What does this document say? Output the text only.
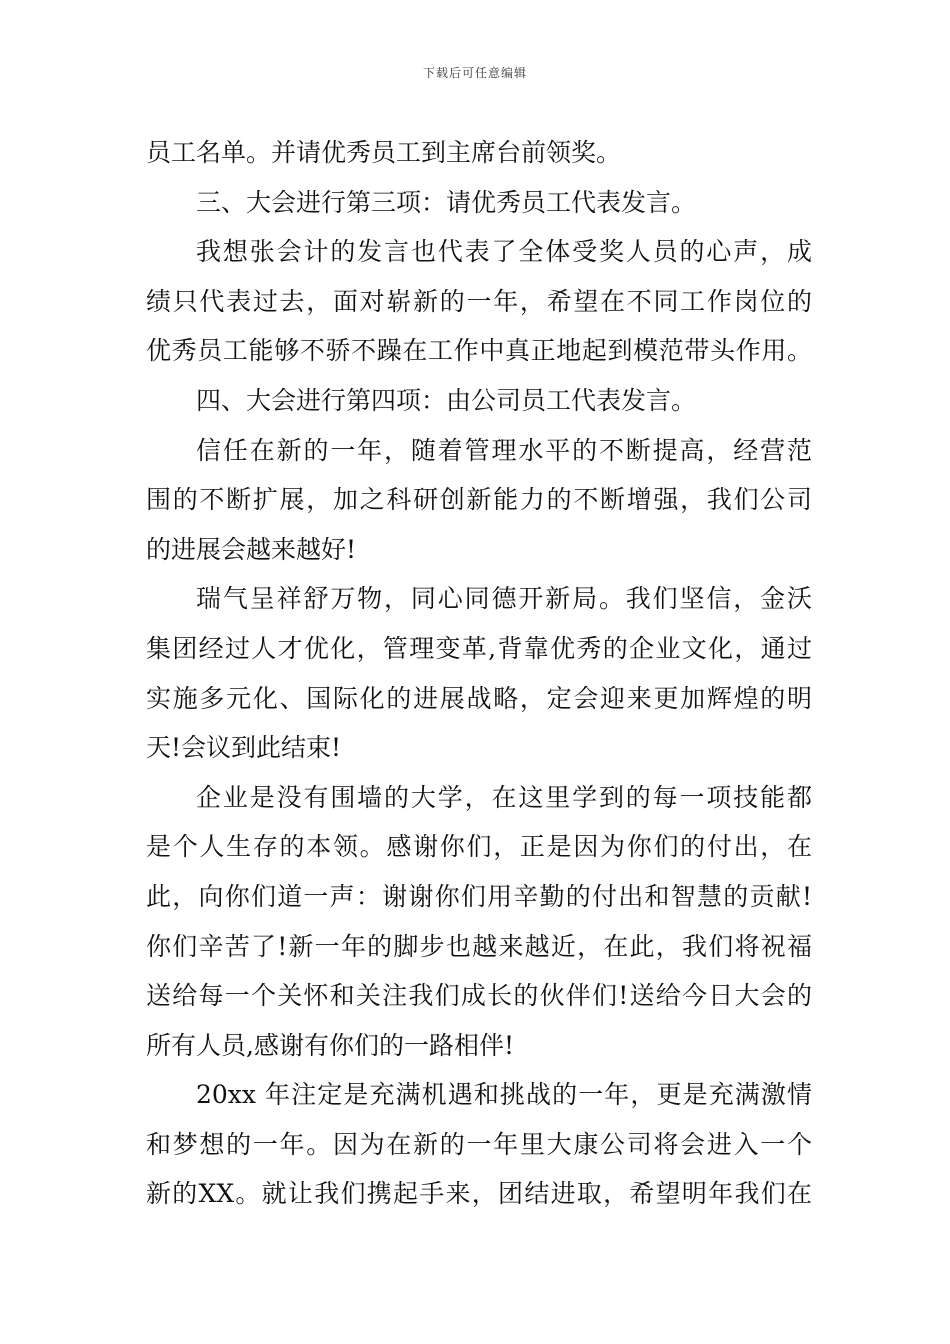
下载后可任意编辑
员工名单。并请优秀员工到主席台前领奖。
三、大会进行第三项：请优秀员工代表发言。
我想张会计的发言也代表了全体受奖人员的心声，成
绩只代表过去，面对崭新的一年，希望在不同工作岗位的
优秀员工能够不骄不躁在工作中真正地起到模范带头作用。
四、大会进行第四项：由公司员工代表发言。
信任在新的一年，随着管理水平的不断提高，经营范
围的不断扩展，加之科研创新能力的不断增强，我们公司
的进展会越来越好!
瑞气呈祥舒万物，同心同德开新局。我们坚信，金沃
集团经过人才优化，管理变革,背靠优秀的企业文化，通过
实施多元化、国际化的进展战略，定会迎来更加辉煌的明
天!会议到此结束!
企业是没有围墙的大学，在这里学到的每一项技能都
是个人生存的本领。感谢你们，正是因为你们的付出，在
此，向你们道一声：谢谢你们用辛勤的付出和智慧的贡献!
你们辛苦了!新一年的脚步也越来越近，在此，我们将祝福
送给每一个关怀和关注我们成长的伙伴们!送给今日大会的
所有人员,感谢有你们的一路相伴!
20xx 年注定是充满机遇和挑战的一年，更是充满激情
和梦想的一年。因为在新的一年里大康公司将会进入一个
新的XX。就让我们携起手来，团结进取，希望明年我们在
